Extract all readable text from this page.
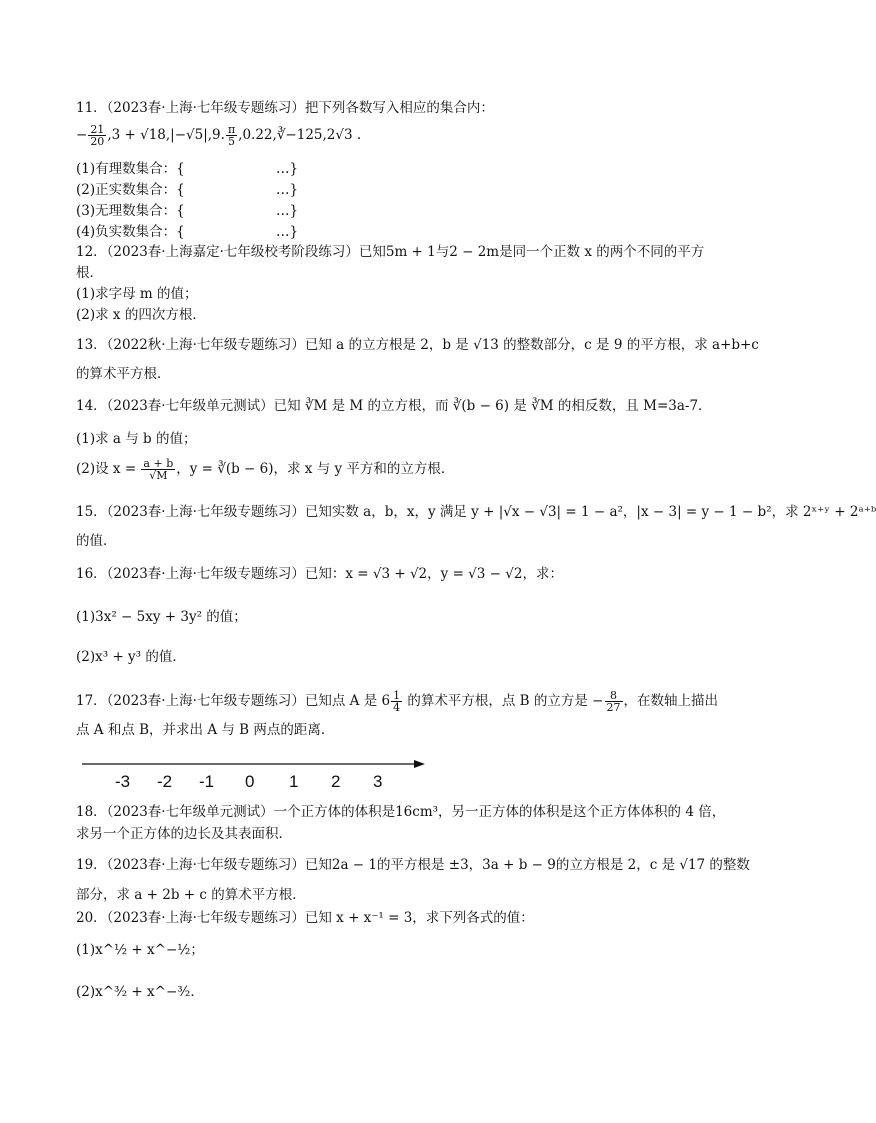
11．（2023春·上海·七年级专题练习）把下列各数写入相应的集合内：
− $\frac{21}{20} ,3 + √18,|-√5|,9$. $\frac{\pi}{5}$ ,0.22,∛−125,2√3 .
(1)有理数集合：{	…}
(2)正实数集合：{	…}
(3)无理数集合：{	…}
(4)负实数集合：{	…}
12．（2023春·上海嘉定·七年级校考阶段练习）已知5m + 1与2 − 2m是同一个正数 x 的两个不同的平方
根．
(1)求字母 m 的值；
(2)求 x 的四次方根．
13．（2022秋·上海·七年级专题练习）已知 a 的立方根是 2，b 是 √13 的整数部分，c 是 9 的平方根，求 a+b+c
的算术平方根．
14．（2023春·七年级单元测试）已知 ∛M 是 M 的立方根，而 ∛(b − 6) 是 ∛M 的相反数，且 M=3a-7．
(1)求 a 与 b 的值；
(2)设 $x = \frac{a + b}{√M}$ ，y = ∛(b − 6)，求 x 与 y 平方和的立方根．
15．（2023春·上海·七年级专题练习）已知实数 a，b，x，y 满足 y + |√x − √3| = 1 − a²，|x − 3| = y − 1 − b²，求 2ˣ⁺ʸ + 2ᵃ⁺ᵇ
的值．
16．（2023春·上海·七年级专题练习）已知：x = √3 + √2，y = √3 − √2，求：
(1)3x² − 5xy + 3y² 的值；
(2)x³ + y³ 的值．
17．（2023春·上海·七年级专题练习）已知点 A 是 $6 \frac{1}{4}$ 的算术平方根，点 B 的立方是 − $\frac{8}{27}$ ，在数轴上描出
点 A 和点 B，并求出 A 与 B 两点的距离．
-3 -2 -1 0 1 2 3
18．（2023春·七年级单元测试）一个正方体的体积是16cm³，另一正方体的体积是这个正方体体积的 4 倍，
求另一个正方体的边长及其表面积．
19．（2023春·上海·七年级专题练习）已知2a − 1的平方根是 ±3，3a + b − 9的立方根是 2，c 是 √17 的整数
部分，求 a + 2b + c 的算术平方根．
20．（2023春·上海·七年级专题练习）已知 x + x⁻¹ = 3，求下列各式的值：
(1)x^½ + x^−½；
(2)x^³⁄₂ + x^−³⁄₂．
